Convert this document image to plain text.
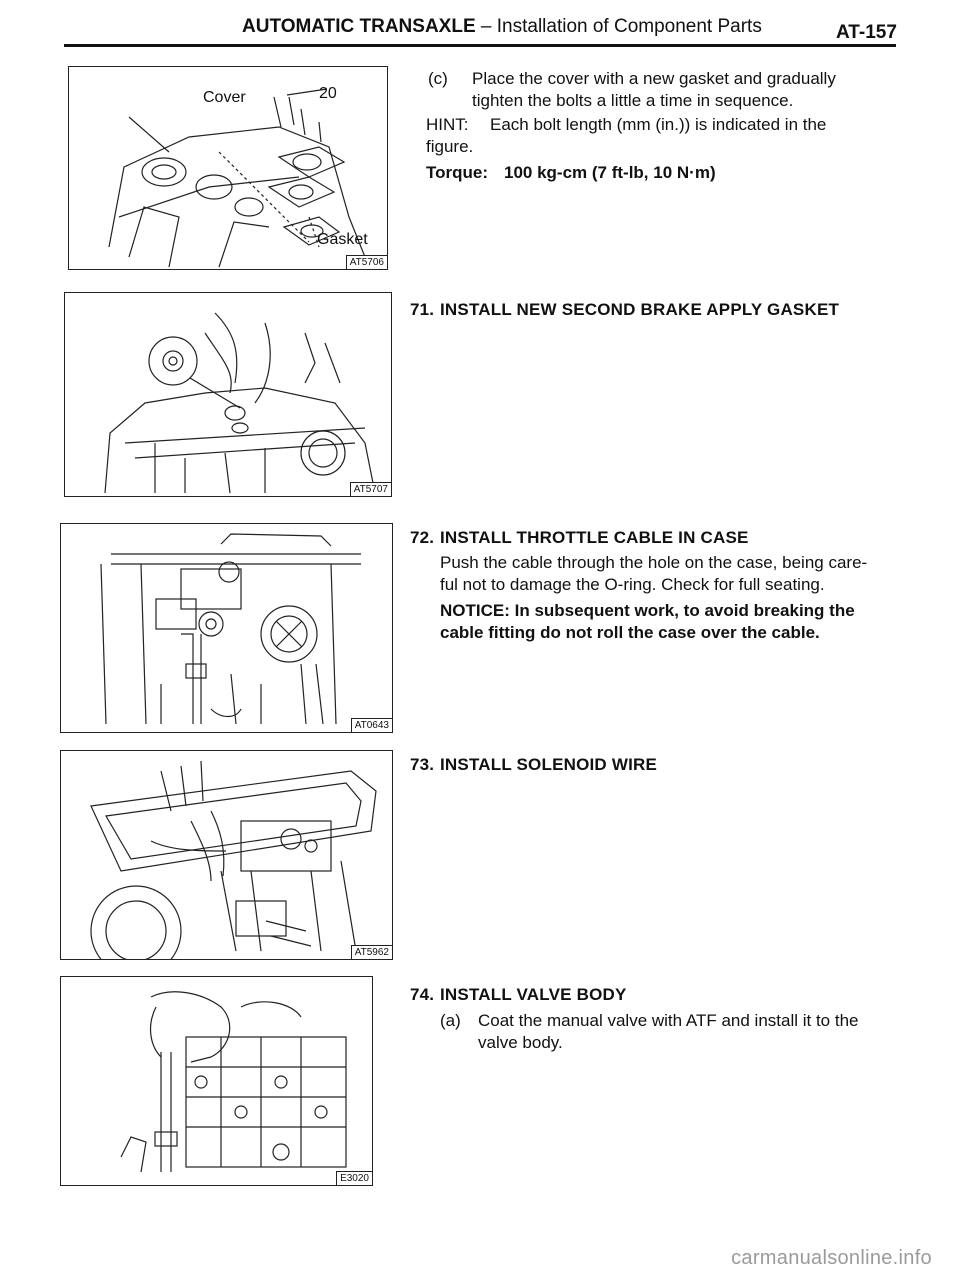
AUTOMATIC TRANSAXLE – Installation of Component Parts	AT-157
Cover	20
Gasket
AT5706
AT5707
AT0643
AT5962
E3020
(c) Place the cover with a new gasket and gradually
tighten the bolts a little a time in sequence.
HINT: Each bolt length (mm (in.)) is indicated in the
figure.
Torque: 100 kg-cm (7 ft-lb, 10 N·m)
71. INSTALL NEW SECOND BRAKE APPLY GASKET
72. INSTALL THROTTLE CABLE IN CASE
Push the cable through the hole on the case, being care-
ful not to damage the O-ring. Check for full seating.
NOTICE: In subsequent work, to avoid breaking the
cable fitting do not roll the case over the cable.
73. INSTALL SOLENOID WIRE
74. INSTALL VALVE BODY
(a) Coat the manual valve with ATF and install it to the
valve body.
carmanualsonline.info
